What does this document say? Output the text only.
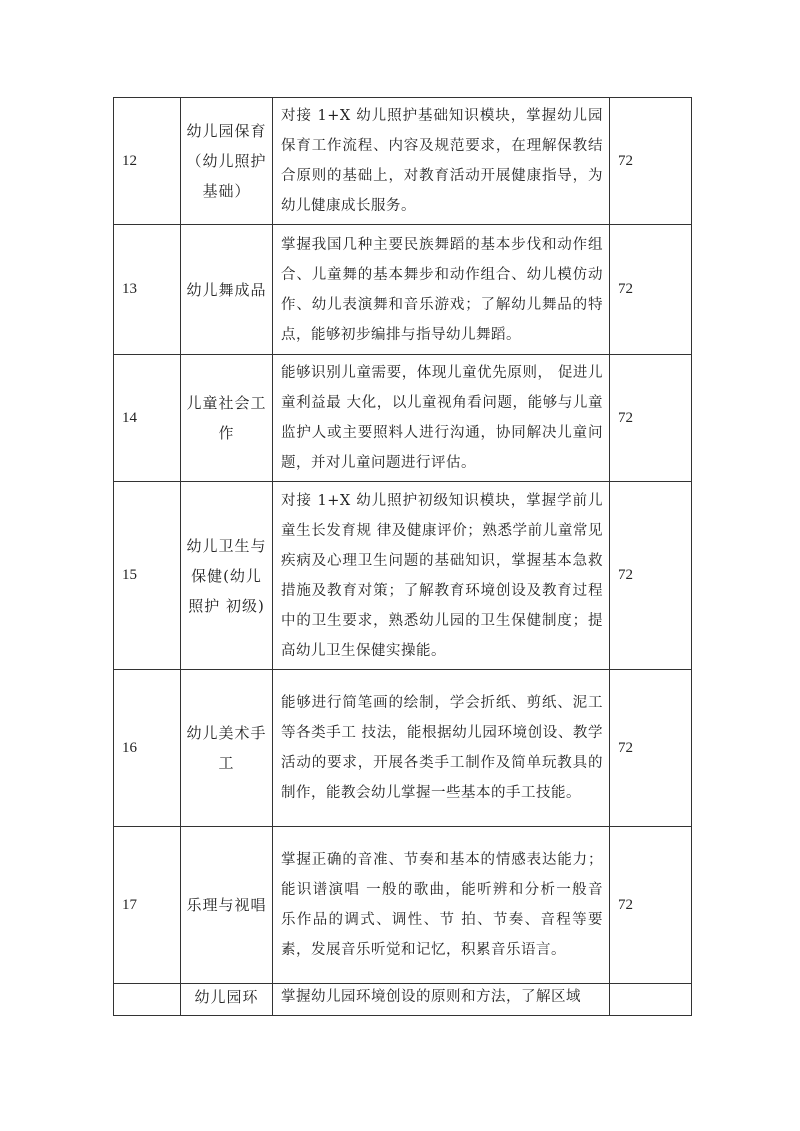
12	幼儿园保育（幼儿照护基础）	对接 1+X 幼儿照护基础知识模块，掌握幼儿园保育工作流程、内容及规范要求，在理解保教结合原则的基础上，对教育活动开展健康指导，为 幼儿健康成长服务。	72
13	幼儿舞成品	掌握我国几种主要民族舞蹈的基本步伐和动作组合、儿童舞的基本舞步和动作组合、幼儿模仿动作、幼儿表演舞和音乐游戏；了解幼儿舞品的特点，能够初步编排与指导幼儿舞蹈。	72
14	儿童社会工作	能够识别儿童需要，体现儿童优先原则， 促进儿童利益最 大化，以儿童视角看问题，能够与儿童监护人或主要照料人进行沟通，协同解决儿童问题，并对儿童问题进行评估。	72
15	幼儿卫生与保健(幼儿照护 初级)	对接 1+X 幼儿照护初级知识模块，掌握学前儿童生长发育规 律及健康评价；熟悉学前儿童常见疾病及心理卫生问题的基础知识，掌握基本急救措施及教育对策；了解教育环境创设及教育过程中的卫生要求，熟悉幼儿园的卫生保健制度；提高幼儿卫生保健实操能。	72
16	幼儿美术手工	能够进行简笔画的绘制，学会折纸、剪纸、泥工等各类手工 技法，能根据幼儿园环境创设、教学活动的要求，开展各类手工制作及简单玩教具的制作，能教会幼儿掌握一些基本的手工技能。	72
17	乐理与视唱	掌握正确的音准、节奏和基本的情感表达能力；能识谱演唱 一般的歌曲，能听辨和分析一般音 乐作品的调式、调性、节 拍、节奏、音程等要素，发展音乐听觉和记忆，积累音乐语言。	72
	幼儿园环	掌握幼儿园环境创设的原则和方法，了解区域	
